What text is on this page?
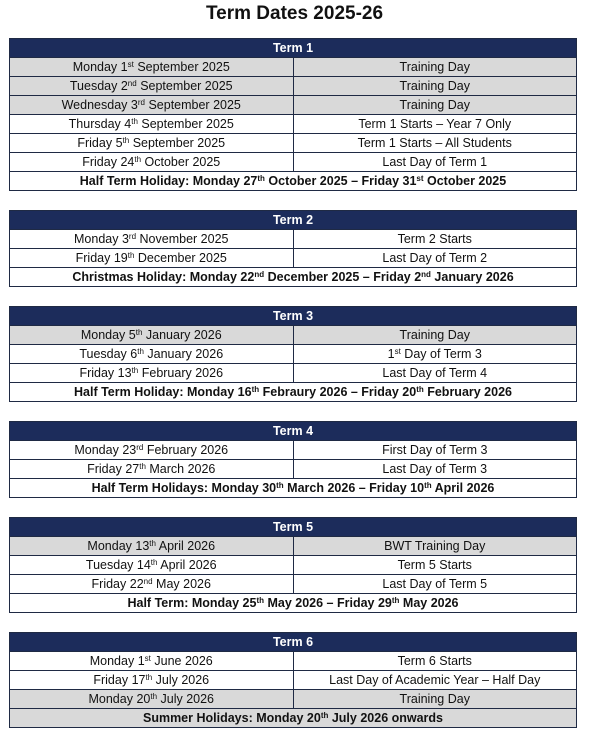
Term Dates 2025-26
Term 1	
Monday 1st September 2025	Training Day
Tuesday 2nd September 2025	Training Day
Wednesday 3rd September 2025	Training Day
Thursday 4th September 2025	Term 1 Starts – Year 7 Only
Friday 5th September 2025	Term 1 Starts – All Students
Friday 24th October 2025	Last Day of Term 1
Half Term Holiday: Monday 27th October 2025 – Friday 31st October 2025	
Term 2	
Monday 3rd November 2025	Term 2 Starts
Friday 19th December 2025	Last Day of Term 2
Christmas Holiday: Monday 22nd December 2025 – Friday 2nd January 2026	
Term 3	
Monday 5th January 2026	Training Day
Tuesday 6th January 2026	1st Day of Term 3
Friday 13th February 2026	Last Day of Term 4
Half Term Holiday: Monday 16th Febraury 2026 – Friday 20th February 2026	
Term 4	
Monday 23rd February 2026	First Day of Term 3
Friday 27th March 2026	Last Day of Term 3
Half Term Holidays: Monday 30th March 2026 – Friday 10th April 2026	
Term 5	
Monday 13th April 2026	BWT Training Day
Tuesday 14th April 2026	Term 5 Starts
Friday 22nd May 2026	Last Day of Term 5
Half Term: Monday 25th May 2026 – Friday 29th May 2026	
Term 6	
Monday 1st June 2026	Term 6 Starts
Friday 17th July 2026	Last Day of Academic Year – Half Day
Monday 20th July 2026	Training Day
Summer Holidays: Monday 20th July 2026 onwards	
